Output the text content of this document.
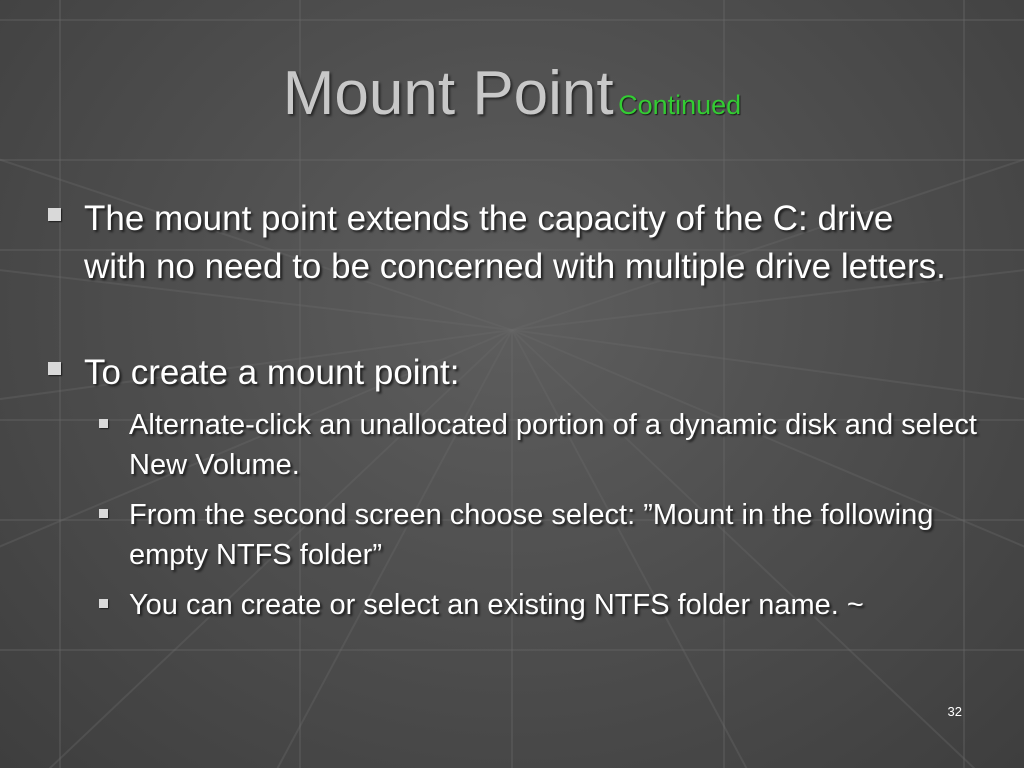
Mount Point Continued
The mount point extends the capacity of the C: drive with no need to be concerned with multiple drive letters.
To create a mount point:
Alternate-click an unallocated portion of a dynamic disk and select New Volume.
From the second screen choose select: ”Mount in the following empty NTFS folder”
You can create or select an existing NTFS folder name. ~
32
